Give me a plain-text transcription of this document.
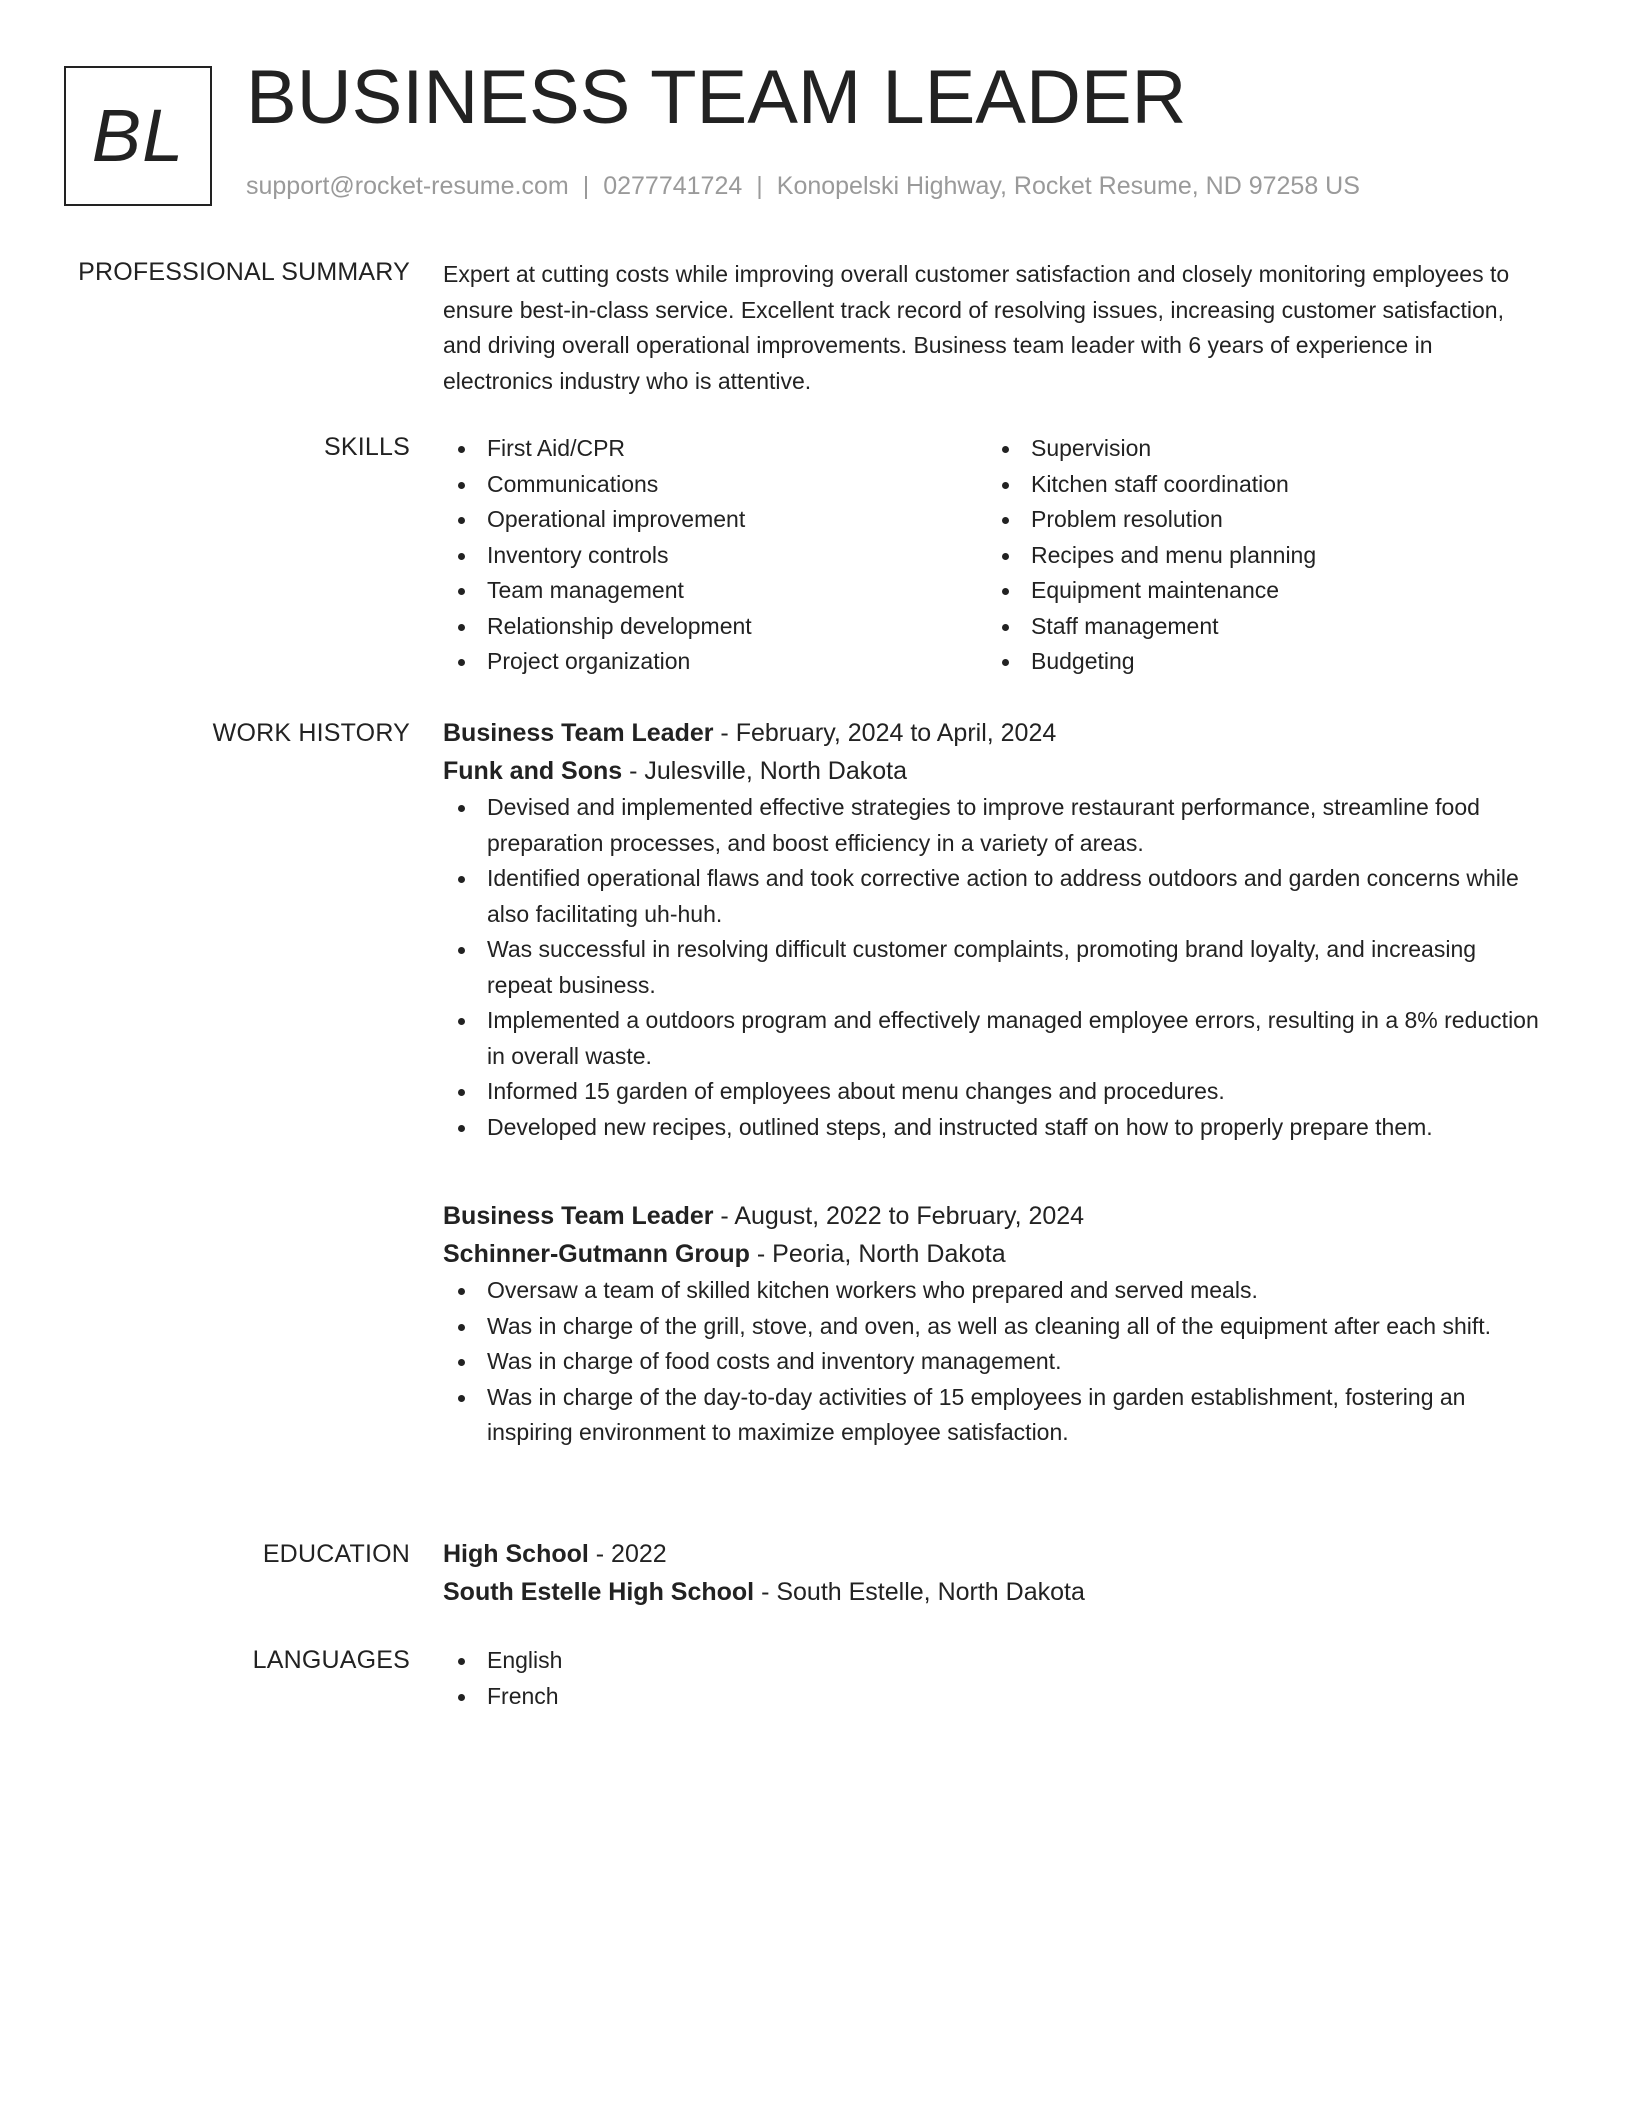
BL BUSINESS TEAM LEADER
support@rocket-resume.com | 0277741724 | Konopelski Highway, Rocket Resume, ND 97258 US
PROFESSIONAL SUMMARY Expert at cutting costs while improving overall customer satisfaction and closely monitoring employees to ensure best-in-class service. Excellent track record of resolving issues, increasing customer satisfaction, and driving overall operational improvements. Business team leader with 6 years of experience in electronics industry who is attentive.

SKILLS	First Aid/CPR
Communications
Operational improvement
Inventory controls
Team management
Relationship development
Project organization
Supervision
Kitchen staff coordination
Problem resolution
Recipes and menu planning
Equipment maintenance
Staff management
Budgeting
WORK HISTORY Business Team Leader - February, 2024 to April, 2024
Funk and Sons - Julesville, North Dakota
Devised and implemented effective strategies to improve restaurant performance, streamline food preparation processes, and boost efficiency in a variety of areas.
Identified operational flaws and took corrective action to address outdoors and garden concerns while also facilitating uh-huh.
Was successful in resolving difficult customer complaints, promoting brand loyalty, and increasing repeat business.
Implemented a outdoors program and effectively managed employee errors, resulting in a 8% reduction in overall waste.
Informed 15 garden of employees about menu changes and procedures.
Developed new recipes, outlined steps, and instructed staff on how to properly prepare them.
Business Team Leader - August, 2022 to February, 2024
Schinner-Gutmann Group - Peoria, North Dakota
Oversaw a team of skilled kitchen workers who prepared and served meals.
Was in charge of the grill, stove, and oven, as well as cleaning all of the equipment after each shift.
Was in charge of food costs and inventory management.
Was in charge of the day-to-day activities of 15 employees in garden establishment, fostering an inspiring environment to maximize employee satisfaction.
EDUCATION High School - 2022
South Estelle High School - South Estelle, North Dakota
LANGUAGES	English
French
